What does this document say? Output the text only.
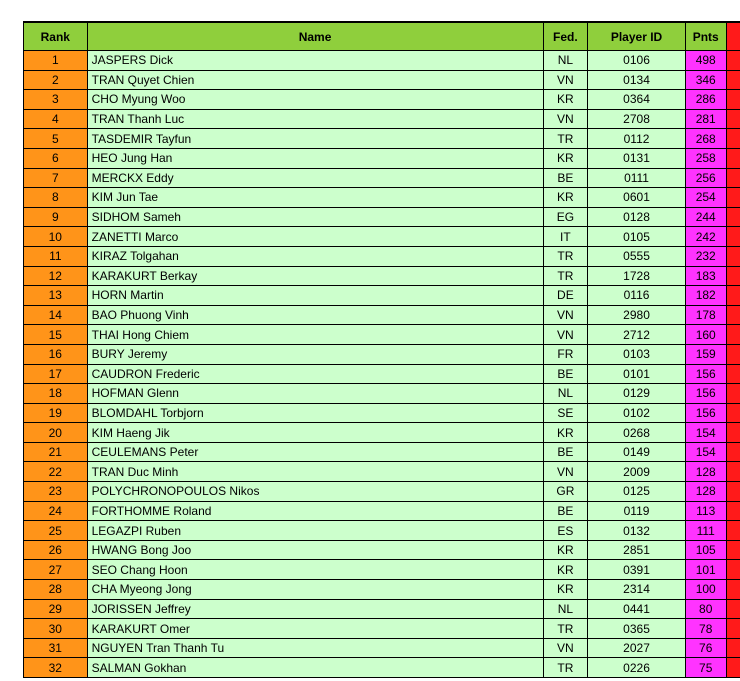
Rank	Name	Fed.	Player ID	Pnts	
1	JASPERS Dick	NL	0106	498	
2	TRAN Quyet Chien	VN	0134	346	
3	CHO Myung Woo	KR	0364	286	
4	TRAN Thanh Luc	VN	2708	281	
5	TASDEMIR Tayfun	TR	0112	268	
6	HEO Jung Han	KR	0131	258	
7	MERCKX Eddy	BE	0111	256	
8	KIM Jun Tae	KR	0601	254	
9	SIDHOM Sameh	EG	0128	244	
10	ZANETTI Marco	IT	0105	242	
11	KIRAZ Tolgahan	TR	0555	232	
12	KARAKURT Berkay	TR	1728	183	
13	HORN Martin	DE	0116	182	
14	BAO Phuong Vinh	VN	2980	178	
15	THAI Hong Chiem	VN	2712	160	
16	BURY Jeremy	FR	0103	159	
17	CAUDRON Frederic	BE	0101	156	
18	HOFMAN Glenn	NL	0129	156	
19	BLOMDAHL Torbjorn	SE	0102	156	
20	KIM Haeng Jik	KR	0268	154	
21	CEULEMANS Peter	BE	0149	154	
22	TRAN Duc Minh	VN	2009	128	
23	POLYCHRONOPOULOS Nikos	GR	0125	128	
24	FORTHOMME Roland	BE	0119	113	
25	LEGAZPI Ruben	ES	0132	111	
26	HWANG Bong Joo	KR	2851	105	
27	SEO Chang Hoon	KR	0391	101	
28	CHA Myeong Jong	KR	2314	100	
29	JORISSEN Jeffrey	NL	0441	80	
30	KARAKURT Omer	TR	0365	78	
31	NGUYEN Tran Thanh Tu	VN	2027	76	
32	SALMAN Gokhan	TR	0226	75	
